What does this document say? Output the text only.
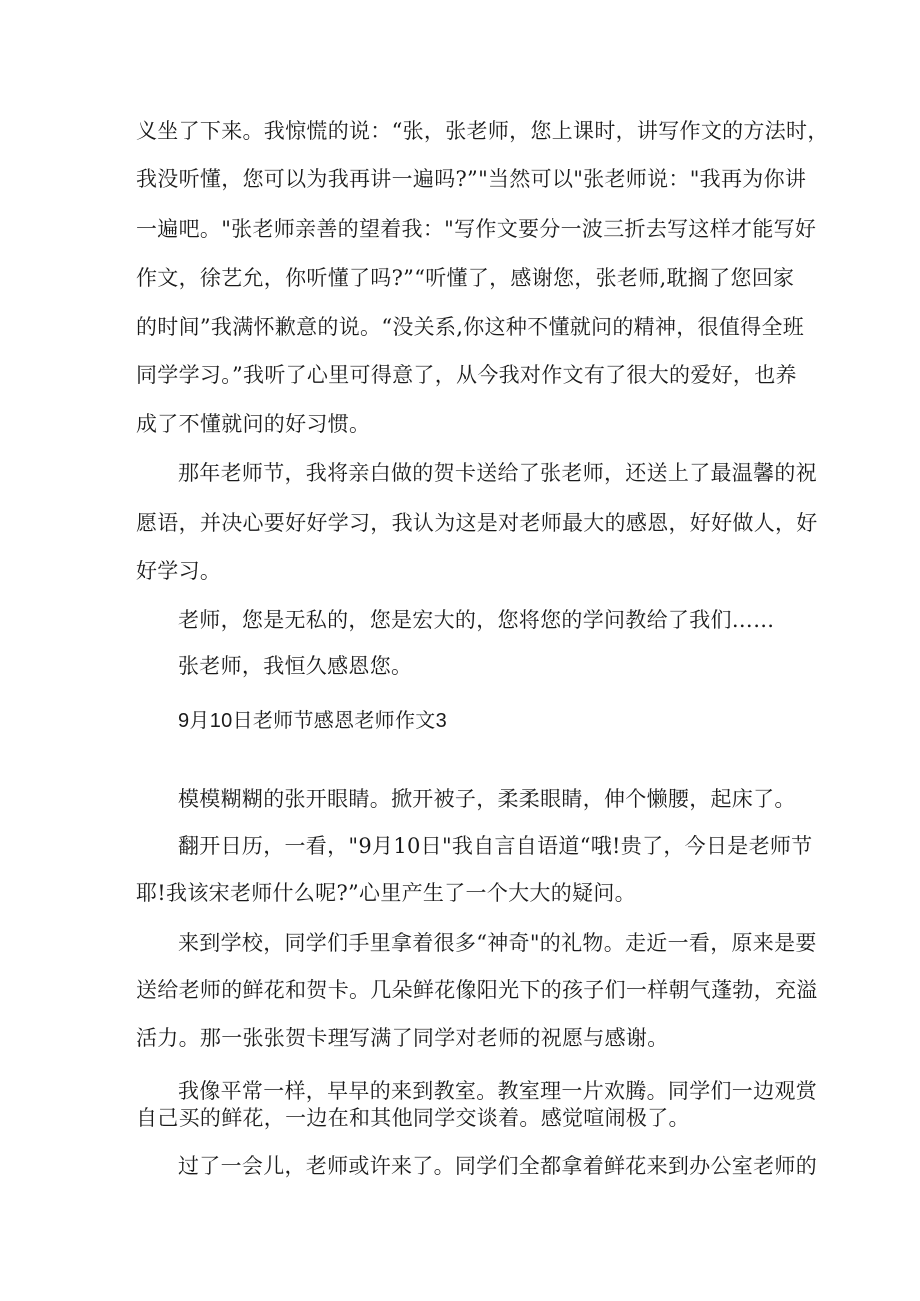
义坐了下来。我惊慌的说：“张，张老师，您上课时，讲写作文的方法时，
我没听懂，您可以为我再讲一遍吗?”"当然可以"张老师说："我再为你讲
一遍吧。"张老师亲善的望着我："写作文要分一波三折去写这样才能写好
作文，徐艺允，你听懂了吗?”“听懂了，感谢您，张老师,耽搁了您回家
的时间”我满怀歉意的说。“没关系,你这种不懂就问的精神，很值得全班
同学学习。”我听了心里可得意了，从今我对作文有了很大的爱好，也养
成了不懂就问的好习惯。
那年老师节，我将亲白做的贺卡送给了张老师，还送上了最温馨的祝
愿语，并决心要好好学习，我认为这是对老师最大的感恩，好好做人，好
好学习。
老师，您是无私的，您是宏大的，您将您的学问教给了我们……
张老师，我恒久感恩您。
9月10日老师节感恩老师作文3
模模糊糊的张开眼睛。掀开被子，柔柔眼睛，伸个懒腰，起床了。
翻开日历，一看，"9月10日"我自言自语道“哦!贵了，今日是老师节
耶!我该宋老师什么呢?”心里产生了一个大大的疑问。
来到学校，同学们手里拿着很多“神奇"的礼物。走近一看，原来是要
送给老师的鲜花和贺卡。几朵鲜花像阳光下的孩子们一样朝气蓬勃，充溢
活力。那一张张贺卡理写满了同学对老师的祝愿与感谢。
我像平常一样，早早的来到教室。教室理一片欢腾。同学们一边观赏
自己买的鲜花，一边在和其他同学交谈着。感觉喧闹极了。
过了一会儿，老师或许来了。同学们全都拿着鲜花来到办公室老师的
